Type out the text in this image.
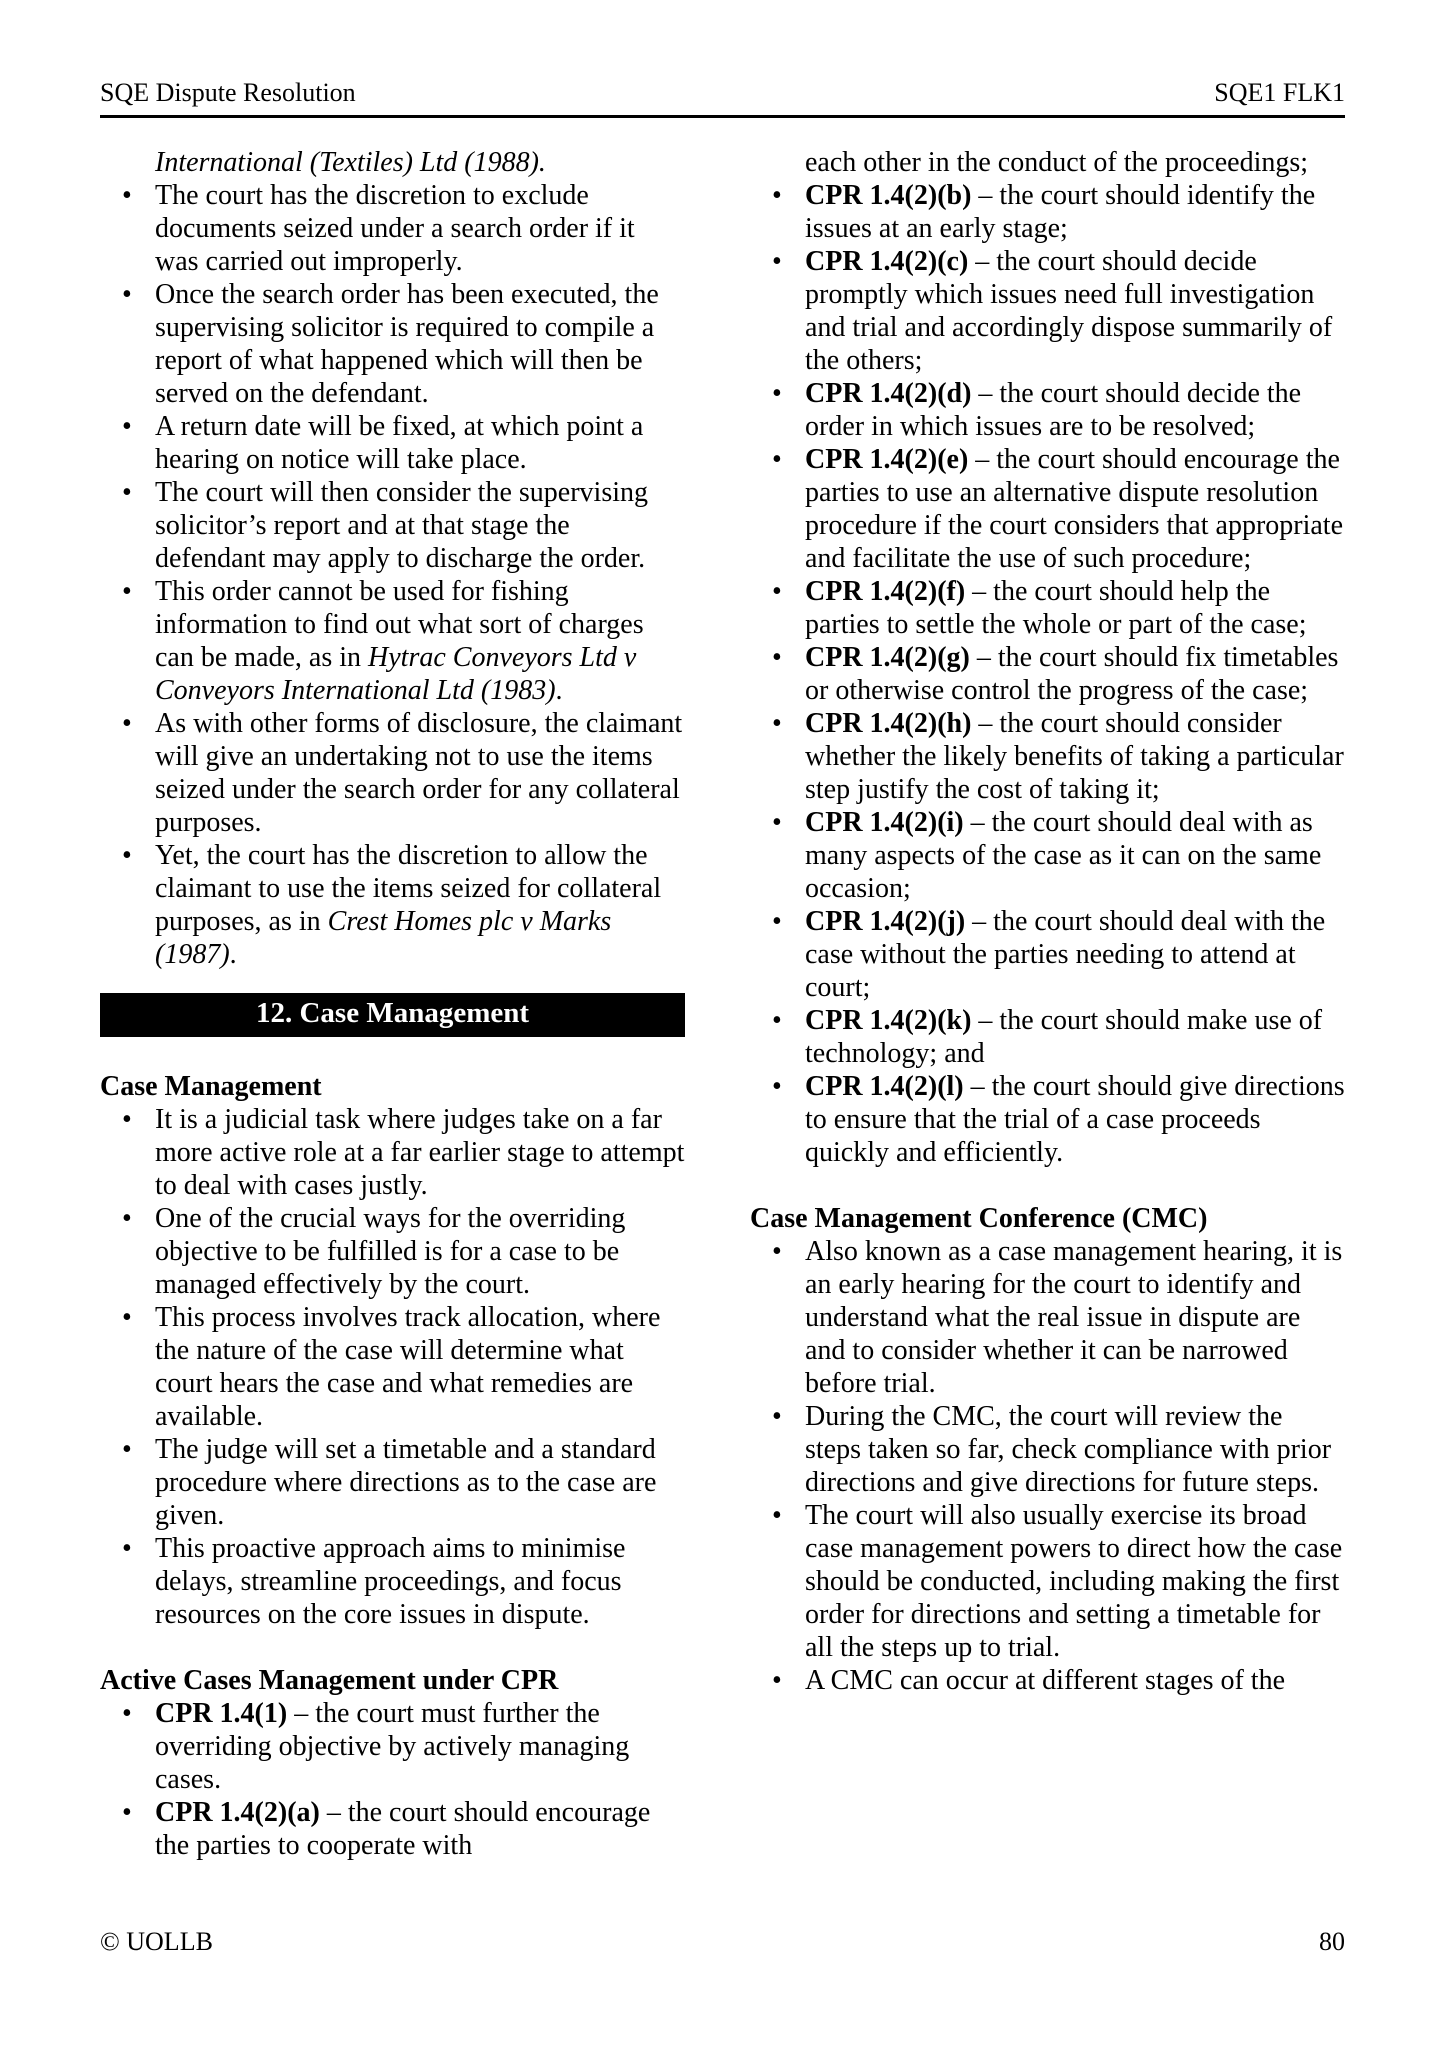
SQE Dispute Resolution	SQE1 FLK1
International (Textiles) Ltd (1988).
• The court has the discretion to exclude documents seized under a search order if it was carried out improperly.
• Once the search order has been executed, the supervising solicitor is required to compile a report of what happened which will then be served on the defendant.
• A return date will be fixed, at which point a hearing on notice will take place.
• The court will then consider the supervising solicitor’s report and at that stage the defendant may apply to discharge the order.
• This order cannot be used for fishing information to find out what sort of charges can be made, as in Hytrac Conveyors Ltd v Conveyors International Ltd (1983).
• As with other forms of disclosure, the claimant will give an undertaking not to use the items seized under the search order for any collateral purposes.
• Yet, the court has the discretion to allow the claimant to use the items seized for collateral purposes, as in Crest Homes plc v Marks (1987).
12. Case Management
Case Management
• It is a judicial task where judges take on a far more active role at a far earlier stage to attempt to deal with cases justly.
• One of the crucial ways for the overriding objective to be fulfilled is for a case to be managed effectively by the court.
• This process involves track allocation, where the nature of the case will determine what court hears the case and what remedies are available.
• The judge will set a timetable and a standard procedure where directions as to the case are given.
• This proactive approach aims to minimise delays, streamline proceedings, and focus resources on the core issues in dispute.
Active Cases Management under CPR
• CPR 1.4(1) – the court must further the overriding objective by actively managing cases.
• CPR 1.4(2)(a) – the court should encourage the parties to cooperate with
each other in the conduct of the proceedings;
• CPR 1.4(2)(b) – the court should identify the issues at an early stage;
• CPR 1.4(2)(c) – the court should decide promptly which issues need full investigation and trial and accordingly dispose summarily of the others;
• CPR 1.4(2)(d) – the court should decide the order in which issues are to be resolved;
• CPR 1.4(2)(e) – the court should encourage the parties to use an alternative dispute resolution procedure if the court considers that appropriate and facilitate the use of such procedure;
• CPR 1.4(2)(f) – the court should help the parties to settle the whole or part of the case;
• CPR 1.4(2)(g) – the court should fix timetables or otherwise control the progress of the case;
• CPR 1.4(2)(h) – the court should consider whether the likely benefits of taking a particular step justify the cost of taking it;
• CPR 1.4(2)(i) – the court should deal with as many aspects of the case as it can on the same occasion;
• CPR 1.4(2)(j) – the court should deal with the case without the parties needing to attend at court;
• CPR 1.4(2)(k) – the court should make use of technology; and
• CPR 1.4(2)(l) – the court should give directions to ensure that the trial of a case proceeds quickly and efficiently.
Case Management Conference (CMC)
• Also known as a case management hearing, it is an early hearing for the court to identify and understand what the real issue in dispute are and to consider whether it can be narrowed before trial.
• During the CMC, the court will review the steps taken so far, check compliance with prior directions and give directions for future steps.
• The court will also usually exercise its broad case management powers to direct how the case should be conducted, including making the first order for directions and setting a timetable for all the steps up to trial.
• A CMC can occur at different stages of the
© UOLLB	80
